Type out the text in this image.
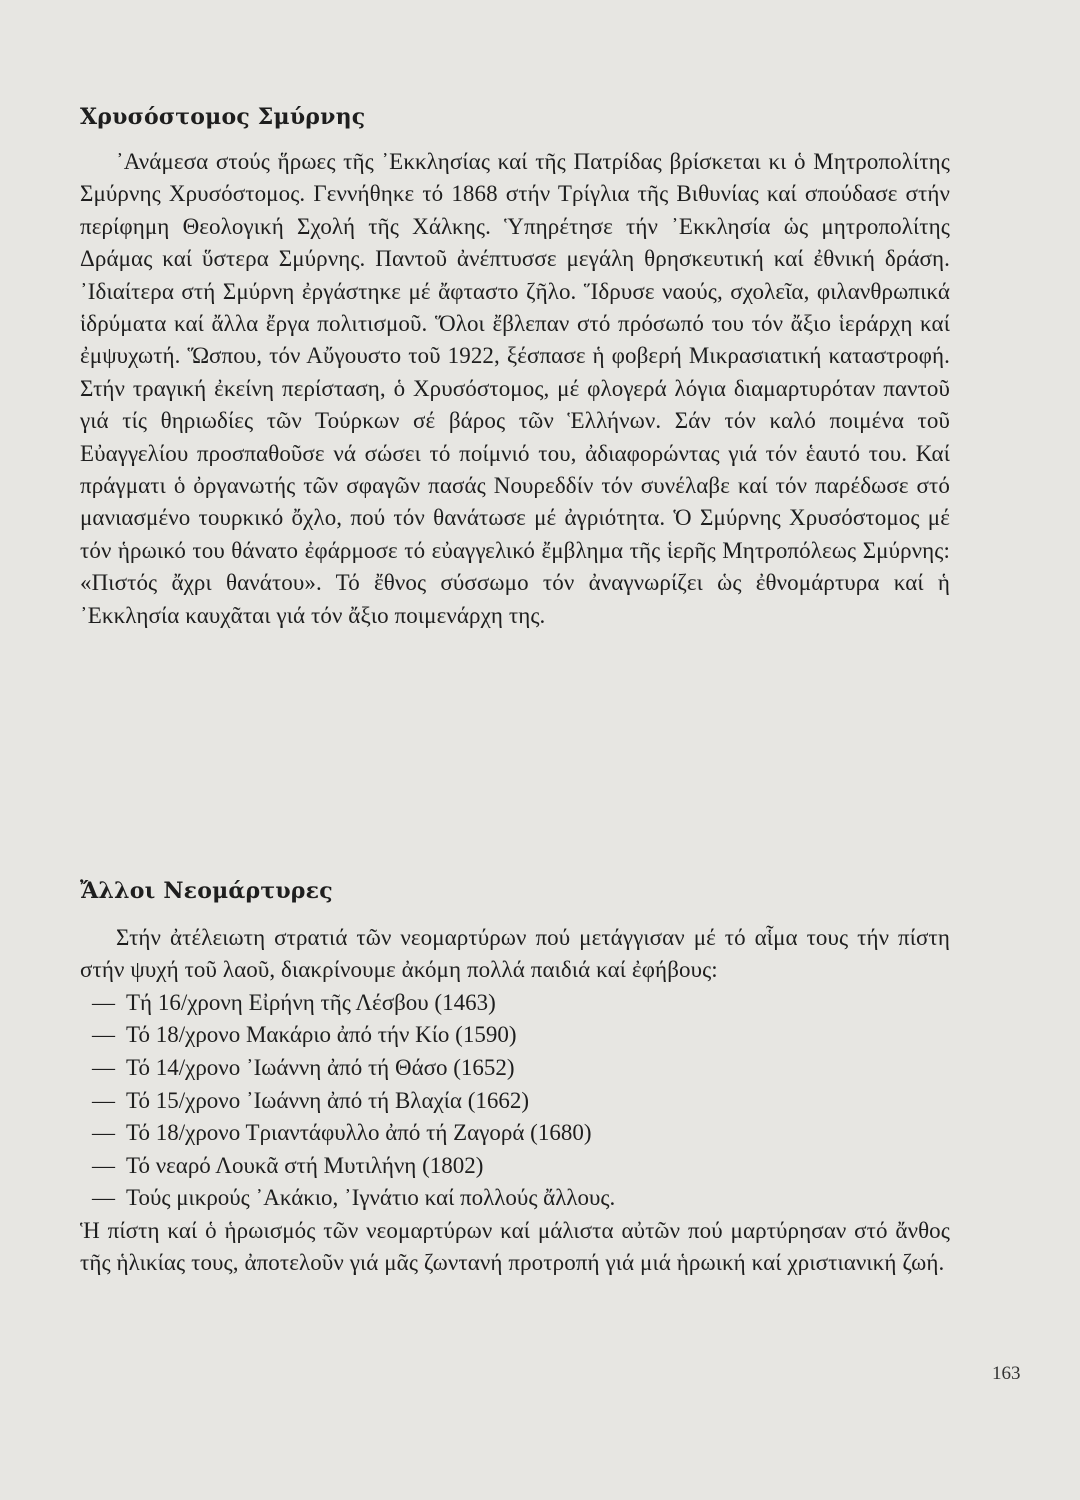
Χρυσόστομος Σμύρνης

᾿Ανάμεσα στούς ἥρωες τῆς ᾿Εκκλησίας καί τῆς Πατρίδας βρίσκεται κι ὁ Μητροπολίτης Σμύρνης Χρυσόστομος. Γεννήθηκε τό 1868 στήν Τρίγλια τῆς Βιθυνίας καί σπούδασε στήν περίφημη Θεολογική Σχολή τῆς Χάλκης. Ὑπηρέτησε τήν ᾿Εκκλησία ὡς μητροπολίτης Δράμας καί ὕστερα Σμύρνης. Παντοῦ ἀνέπτυσσε μεγάλη θρησκευτική καί ἐθνική δράση. ᾿Ιδιαίτερα στή Σμύρνη ἐργάστηκε μέ ἄφταστο ζῆλο. Ἵδρυσε ναούς, σχολεῖα, φιλανθρωπικά ἱδρύματα καί ἄλλα ἔργα πολιτισμοῦ. Ὅλοι ἔβλεπαν στό πρόσωπό του τόν ἄξιο ἱεράρχη καί ἐμψυχωτή. Ὥσπου, τόν Αὔγουστο τοῦ 1922, ξέσπασε ἡ φοβερή Μικρασιατική καταστροφή. Στήν τραγική ἐκείνη περίσταση, ὁ Χρυσόστομος, μέ φλογερά λόγια διαμαρτυρόταν παντοῦ γιά τίς θηριωδίες τῶν Τούρκων σέ βάρος τῶν Ἑλλήνων. Σάν τόν καλό ποιμένα τοῦ Εὐαγγελίου προσπαθοῦσε νά σώσει τό ποίμνιό του, ἀδιαφορώντας γιά τόν ἑαυτό του. Καί πράγματι ὁ ὀργανωτής τῶν σφαγῶν πασάς Νουρεδδίν τόν συνέλαβε καί τόν παρέδωσε στό μανιασμένο τουρκικό ὄχλο, πού τόν θανάτωσε μέ ἀγριότητα. Ὁ Σμύρνης Χρυσόστομος μέ τόν ἡρωικό του θάνατο ἐφάρμοσε τό εὐαγγελικό ἔμβλημα τῆς ἱερῆς Μητροπόλεως Σμύρνης: «Πιστός ἄχρι θανάτου». Τό ἔθνος σύσσωμο τόν ἀναγνωρίζει ὡς ἐθνομάρτυρα καί ἡ ᾿Εκκλησία καυχᾶται γιά τόν ἄξιο ποιμενάρχη της.

Ἄλλοι Νεομάρτυρες

Στήν ἀτέλειωτη στρατιά τῶν νεομαρτύρων πού μετάγγισαν μέ τό αἷμα τους τήν πίστη στήν ψυχή τοῦ λαοῦ, διακρίνουμε ἀκόμη πολλά παιδιά καί ἐφήβους:

— Τή 16/χρονη Εἰρήνη τῆς Λέσβου (1463)
— Τό 18/χρονο Μακάριο ἀπό τήν Κίο (1590)
— Τό 14/χρονο ᾿Ιωάννη ἀπό τή Θάσο (1652)
— Τό 15/χρονο ᾿Ιωάννη ἀπό τή Βλαχία (1662)
— Τό 18/χρονο Τριαντάφυλλο ἀπό τή Ζαγορά (1680)
— Τό νεαρό Λουκᾶ στή Μυτιλήνη (1802)
— Τούς μικρούς ᾿Ακάκιο, ᾿Ιγνάτιο καί πολλούς ἄλλους.

Ἡ πίστη καί ὁ ἡρωισμός τῶν νεομαρτύρων καί μάλιστα αὐτῶν πού μαρτύρησαν στό ἄνθος τῆς ἡλικίας τους, ἀποτελοῦν γιά μᾶς ζωντανή προτροπή γιά μιά ἡρωική καί χριστιανική ζωή.

163
